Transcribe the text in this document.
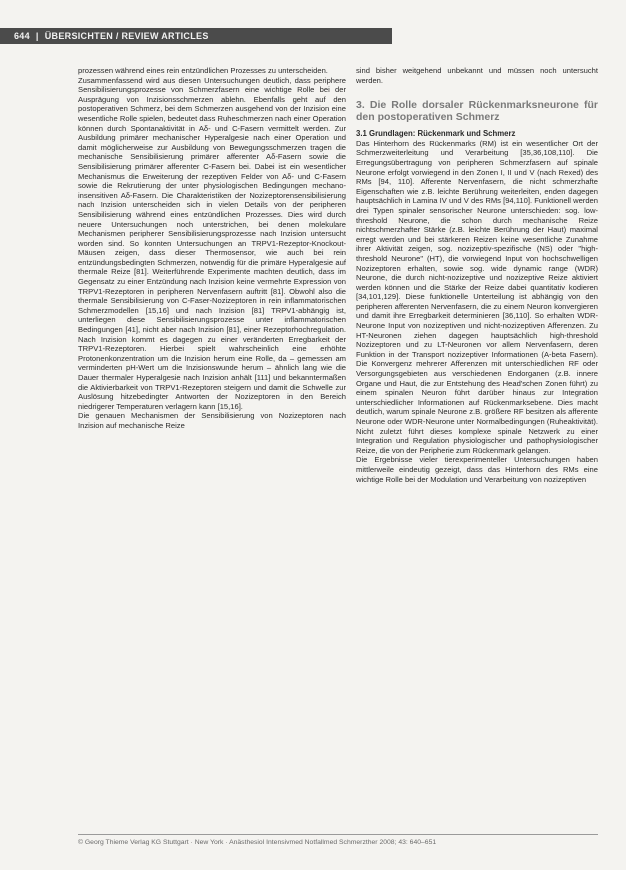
644 | ÜBERSICHTEN / REVIEW ARTICLES

prozessen während eines rein entzündlichen Prozesses zu unterscheiden.

Zusammenfassend wird aus diesen Untersuchungen deutlich, dass periphere Sensibilisierungsprozesse von Schmerzfasern eine wichtige Rolle bei der Ausprägung von Inzisionsschmerzen ablehn. Ebenfalls geht auf den postoperativen Schmerz, bei dem Schmerzen ausgehend von der Inzision eine wesentliche Rolle spielen, bedeutet dass Ruheschmerzen nach einer Operation können durch Spontanaktivität in Aδ- und C-Fasern vermittelt werden. Zur Ausbildung primärer mechanischer Hyperalgesie nach einer Operation und damit möglicherweise zur Ausbildung von Bewegungsschmerzen tragen die mechanische Sensibilisierung primärer afferenter Aδ-Fasern sowie die Sensibilisierung primärer afferenter C-Fasern bei. Dabei ist ein wesentlicher Mechanismus die Erweiterung der rezeptiven Felder von Aδ- und C-Fasern sowie die Rekrutierung der unter physiologischen Bedingungen mechano-insensitiven Aδ-Fasern. Die Charakteristiken der Nozizeptorensensibilisierung nach Inzision unterscheiden sich in vielen Details von der peripheren Sensibilisierung während eines entzündlichen Prozesses. Dies wird durch neuere Untersuchungen noch unterstrichen, bei denen molekulare Mechanismen peripherer Sensibilisierungsprozesse nach Inzision untersucht worden sind. So konnten Untersuchungen an TRPV1-Rezeptor-Knockout-Mäusen zeigen, dass dieser Thermosensor, wie auch bei rein entzündungsbedingten Schmerzen, notwendig für die primäre Hyperalgesie auf thermale Reize [81]. Weiterführende Experimente machten deutlich, dass im Gegensatz zu einer Entzündung nach Inzision keine vermehrte Expression von TRPV1-Rezeptoren in peripheren Nervenfasern auftritt [81]. Obwohl also die thermale Sensibilisierung von C-Faser-Nozizeptoren in rein inflammatorischen Schmerzmodellen [15,16] und nach Inzision [81] TRPV1-abhängig ist, unterliegen diese Sensibilisierungsprozesse unter inflammatorischen Bedingungen [41], nicht aber nach Inzision [81], einer Rezeptorhochregulation. Nach Inzision kommt es dagegen zu einer veränderten Erregbarkeit der TRPV1-Rezeptoren. Hierbei spielt wahrscheinlich eine erhöhte Protonenkonzentration um die Inzision herum eine Rolle, da – gemessen am verminderten pH-Wert um die Inzisionswunde herum – ähnlich lang wie die Dauer thermaler Hyperalgesie nach Inzision anhält [111] und bekanntermaßen die Aktivierbarkeit von TRPV1-Rezeptoren steigern und damit die Schwelle zur Auslösung hitzebedingter Antworten der Nozizeptoren in den Bereich niedrigerer Temperaturen verlagern kann [15,16].

Die genauen Mechanismen der Sensibilisierung von Nozizeptoren nach Inzision auf mechanische Reize

sind bisher weitgehend unbekannt und müssen noch untersucht werden.

3. Die Rolle dorsaler Rückenmarksneurone für den postoperativen Schmerz
3.1 Grundlagen: Rückenmark und Schmerz

Das Hinterhorn des Rückenmarks (RM) ist ein wesentlicher Ort der Schmerzweiterleitung und Verarbeitung [35,36,108,110]. Die Erregungsübertragung von peripheren Schmerzfasern auf spinale Neurone erfolgt vorwiegend in den Zonen I, II und V (nach Rexed) des RMs [94, 110]. Afferente Nervenfasern, die nicht schmerzhafte Eigenschaften wie z.B. leichte Berührung weiterleiten, enden dagegen hauptsächlich in Lamina IV und V des RMs [94,110]. Funktionell werden drei Typen spinaler sensorischer Neurone unterschieden: sog. low-threshold Neurone, die schon durch mechanische Reize nichtschmerzhafter Stärke (z.B. leichte Berührung der Haut) maximal erregt werden und bei stärkeren Reizen keine wesentliche Zunahme ihrer Aktivität zeigen, sog. nozizeptiv-spezifische (NS) oder "high-threshold Neurone" (HT), die vorwiegend Input von hochschwelligen Nozizeptoren erhalten, sowie sog. wide dynamic range (WDR) Neurone, die durch nicht-nozizeptive und nozizeptive Reize aktiviert werden können und die Stärke der Reize dabei quantitativ kodieren [34,101,129]. Diese funktionelle Unterteilung ist abhängig von den peripheren afferenten Nervenfasern, die zu einem Neuron konvergieren und damit ihre Erregbarkeit determinieren [36,110]. So erhalten WDR-Neurone Input von nozizeptiven und nicht-nozizeptiven Afferenzen. Zu HT-Neuronen ziehen dagegen hauptsächlich high-threshold Nozizeptoren und zu LT-Neuronen vor allem Nervenfasern, deren Funktion in der Transport nozizeptiver Informationen (A-beta Fasern). Die Konvergenz mehrerer Afferenzen mit unterschiedlichen RF oder Versorgungsgebieten aus verschiedenen Endorganen (z.B. innere Organe und Haut, die zur Entstehung des Head'schen Zonen führt) zu einem spinalen Neuron führt darüber hinaus zur Integration unterschiedlicher Informationen auf Rückenmarksebene. Dies macht deutlich, warum spinale Neurone z.B. größere RF besitzen als afferente Neurone oder WDR-Neurone unter Normalbedingungen (Ruheaktivität). Nicht zuletzt führt dieses komplexe spinale Netzwerk zu einer Integration und Regulation physiologischer und pathophysiologischer Reize, die von der Peripherie zum Rückenmark gelangen.

Die Ergebnisse vieler tierexperimenteller Untersuchungen haben mittlerweile eindeutig gezeigt, dass das Hinterhorn des RMs eine wichtige Rolle bei der Modulation und Verarbeitung von nozizeptiven

© Georg Thieme Verlag KG Stuttgart · New York · Anästhesiol Intensivmed Notfallmed Schmerzther 2008; 43: 640–651
